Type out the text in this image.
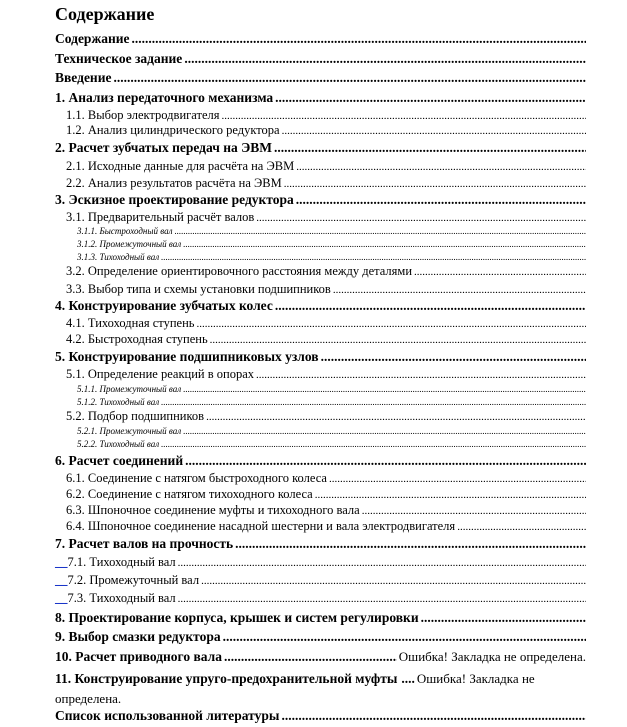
Содержание
Содержание
.....
Техническое задание
.....
Введение
.....
1. Анализ передаточного механизма
.....
1.1. Выбор электродвигателя
.....
1.2. Анализ цилиндрического редуктора
.....
2. Расчет зубчатых передач на ЭВМ
.....
2.1. Исходные данные для расчёта на ЭВМ
.....
2.2. Анализ результатов расчёта на ЭВМ
.....
3. Эскизное проектирование редуктора
.....
3.1. Предварительный расчёт валов
.....
3.1.1. Быстроходный вал
.....
3.1.2. Промежуточный вал
.....
3.1.3. Тихоходный вал
.....
3.2. Определение ориентировочного расстояния между деталями
.....
3.3. Выбор типа и схемы установки подшипников
.....
4. Конструирование зубчатых колес
.....
4.1. Тихоходная ступень
.....
4.2. Быстроходная ступень
.....
5. Конструирование подшипниковых узлов
.....
5.1. Определение реакций в опорах
.....
5.1.1. Промежуточный вал
.....
5.1.2. Тихоходный вал
.....
5.2. Подбор подшипников
.....
5.2.1. Промежуточный вал
.....
5.2.2. Тихоходный вал
.....
6. Расчет соединений
.....
6.1. Соединение с натягом быстроходного колеса
.....
6.2. Соединение с натягом тихоходного колеса
.....
6.3. Шпоночное соединение муфты и тихоходного вала
.....
6.4. Шпоночное соединение насадной шестерни и вала электродвигателя
.....
7. Расчет валов на прочность
.....
__ 7.1. Тихоходный вал
.....
__ 7.2. Промежуточный вал
.....
__ 7.3. Тихоходный вал
.....
8. Проектирование корпуса, крышек и систем регулировки
.....
9. Выбор смазки редуктора
.....
10. Расчет приводного вала .....	Ошибка! Закладка не определена.
11. Конструирование упруго-предохранительной муфты .... Ошибка! Закладка не определена.
Список использованной литературы
.....
